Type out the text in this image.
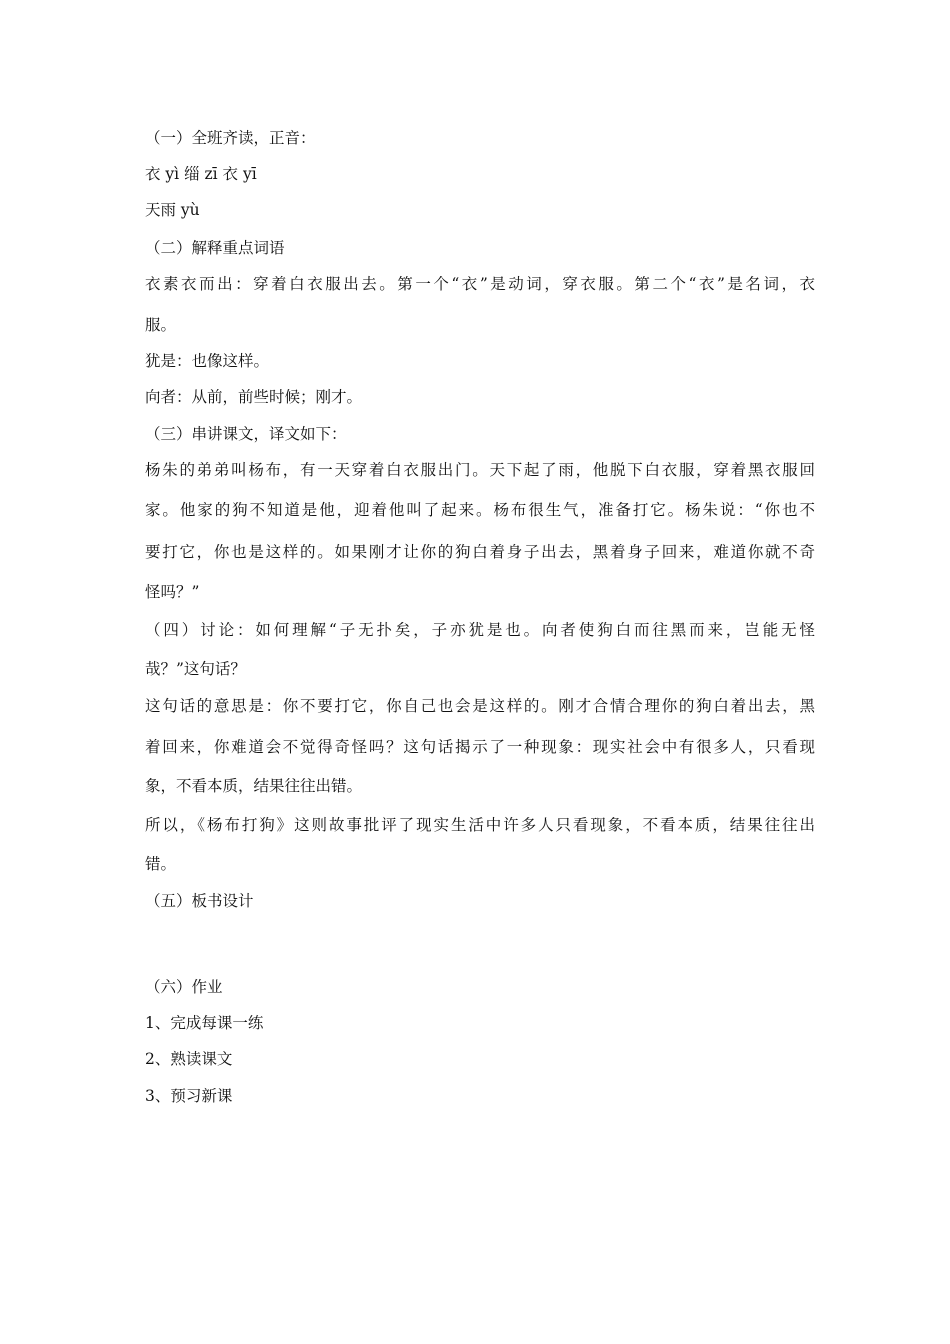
（一）全班齐读，正音：
衣 yì 缁 zī 衣 yī
天雨 yù
（二）解释重点词语
衣素衣而出：穿着白衣服出去。第一个“衣”是动词，穿衣服。第二个“衣”是名词，衣
服。
犹是：也像这样。
向者：从前，前些时候；刚才。
（三）串讲课文，译文如下：
杨朱的弟弟叫杨布，有一天穿着白衣服出门。天下起了雨，他脱下白衣服，穿着黑衣服回
家。他家的狗不知道是他，迎着他叫了起来。杨布很生气，准备打它。杨朱说：“你也不
要打它，你也是这样的。如果刚才让你的狗白着身子出去，黑着身子回来，难道你就不奇
怪吗？”
（四）讨论：如何理解“子无扑矣，子亦犹是也。向者使狗白而往黑而来，岂能无怪
哉？”这句话？
这句话的意思是：你不要打它，你自己也会是这样的。刚才合情合理你的狗白着出去，黑
着回来，你难道会不觉得奇怪吗？这句话揭示了一种现象：现实社会中有很多人，只看现
象，不看本质，结果往往出错。
所以，《杨布打狗》这则故事批评了现实生活中许多人只看现象，不看本质，结果往往出
错。
（五）板书设计
（六）作业
1、完成每课一练
2、熟读课文
3、预习新课
